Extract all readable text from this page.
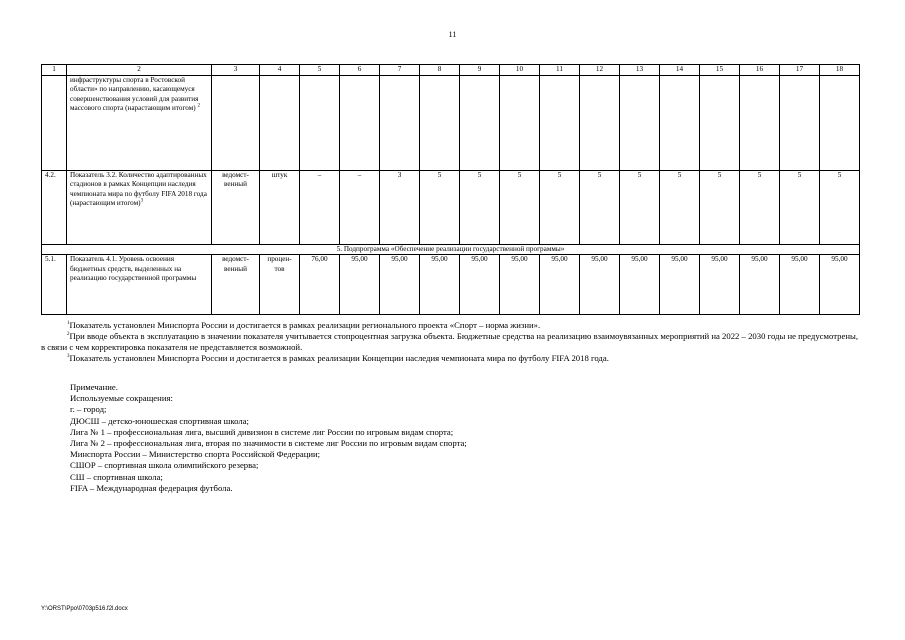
11
1	2	3	4	5	6	7	8	9	10	11	12	13	14	15	16	17	18
	инфраструктуры спорта в Ростовской области» по направлению, касающемуся совершенствования условий для развития массового спорта (нарастающим итогом) $^2$																
4.2.	Показатель 3.2. Количество адаптированных стадионов в рамках Концепции наследия чемпионата мира по футболу FIFA 2018 года (нарастающим итогом)$^3$	ведомст- венный	штук	–	–	3	5	5	5	5	5	5	5	5	5	5	5
5. Подпрограмма «Обеспечение реализации государственной программы»																	
5.1.	Показатель 4.1. Уровень освоения бюджетных средств, выделенных на реализацию государственной программы	ведомст- венный	процен- тов	76,00	95,00	95,00	95,00	95,00	95,00	95,00	95,00	95,00	95,00	95,00	95,00	95,00	95,00

$^1$Показатель установлен Минспорта России и достигается в рамках реализации регионального проекта «Спорт – норма жизни».

$^2$При вводе объекта в эксплуатацию в значении показателя учитывается стопроцентная загрузка объекта. Бюджетные средства на реализацию взаимоувязанных мероприятий на 2022 – 2030 годы не предусмотрены, в связи с чем корректировка показателя не представляется возможной.

$^3$Показатель установлен Минспорта России и достигается в рамках реализации Концепции наследия чемпионата мира по футболу FIFA 2018 года.

Примечание.
Используемые сокращения:
г. – город;
ДЮСШ – детско-юношеская спортивная школа;
Лига № 1 – профессиональная лига, высший дивизион в системе лиг России по игровым видам спорта;
Лига № 2 – профессиональная лига, вторая по значимости в системе лиг России по игровым видам спорта;
Минспорта России – Министерство спорта Российской Федерации;
СШОР – спортивная школа олимпийского резерва;
СШ – спортивная школа;
FIFA – Международная федерация футбола.
Y:\ORST\Ppo\0703p516.f2l.docx
